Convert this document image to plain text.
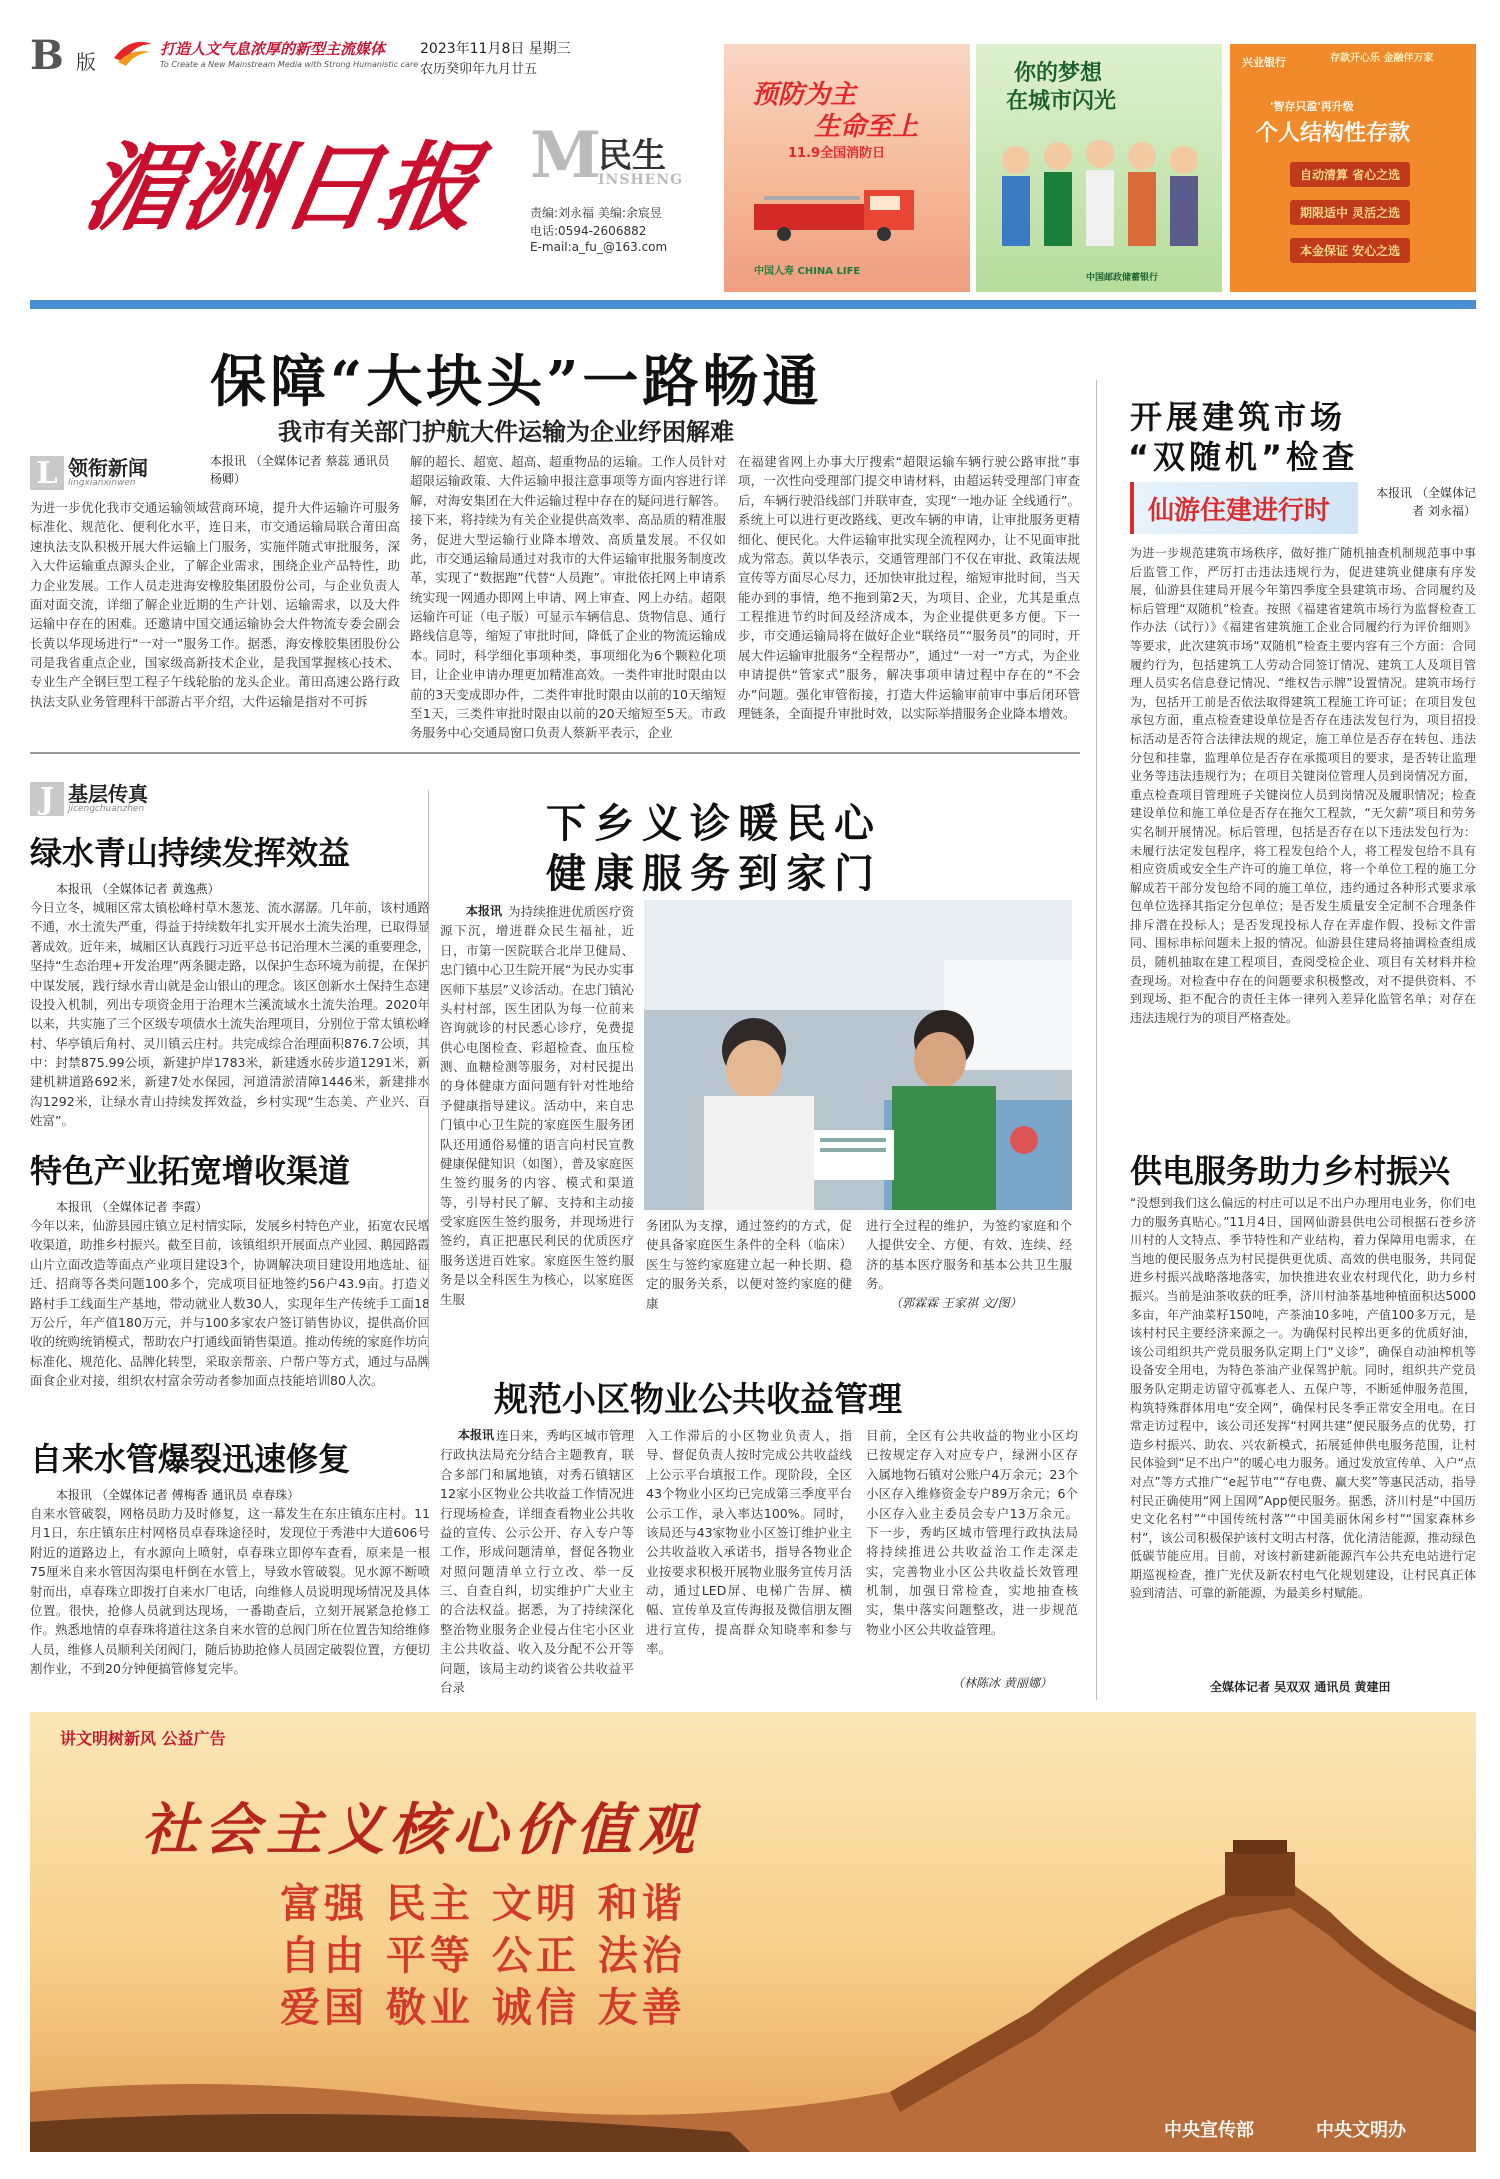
B 版
打造人文气息浓厚的新型主流媒体
To Create a New Mainstream Media with Strong Humanistic care
2023年11月8日 星期三
农历癸卯年九月廿五
湄洲日报 M
民生
INSHENG
责编:刘永福 美编:余宸昱
电话:0594-2606882
E-mail:a_fu_@163.com
预防为主
生命至上
11.9全国消防日
中国人寿 CHINA LIFE
你的梦想
在城市闪光
中国邮政储蓄银行
兴业银行	存款开心乐 金融伴万家
'智存只盈'再升级
个人结构性存款
自动清算 省心之选
期限适中 灵活之选
本金保证 安心之选
保障“大块头”一路畅通
我市有关部门护航大件运输为企业纾困解难
L 领衔新闻
lingxianxinwen
本报讯 （全媒体记者 蔡蕊 通讯员 杨卿）
为进一步优化我市交通运输领域营商环境，提升大件运输许可服务标准化、规范化、便利化水平，连日来，市交通运输局联合莆田高速执法支队积极开展大件运输上门服务，实施伴随式审批服务，深入大件运输重点源头企业，了解企业需求，围绕企业产品特性，助力企业发展。工作人员走进海安橡胶集团股份公司，与企业负责人面对面交流，详细了解企业近期的生产计划、运输需求，以及大件运输中存在的困难。还邀请中国交通运输协会大件物流专委会副会长黄以华现场进行“一对一”服务工作。据悉，海安橡胶集团股份公司是我省重点企业，国家级高新技术企业，是我国掌握核心技术、专业生产全钢巨型工程子午线轮胎的龙头企业。莆田高速公路行政执法支队业务管理科干部游占平介绍，大件运输是指对不可拆
解的超长、超宽、超高、超重物品的运输。工作人员针对超限运输政策、大件运输申报注意事项等方面内容进行详解，对海安集团在大件运输过程中存在的疑问进行解答。接下来，将持续为有关企业提供高效率、高品质的精准服务，促进大型运输行业降本增效、高质量发展。不仅如此，市交通运输局通过对我市的大件运输审批服务制度改革，实现了“数据跑”代替“人员跑”。审批依托网上申请系统实现一网通办即网上申请、网上审查、网上办结。超限运输许可证（电子版）可显示车辆信息、货物信息、通行路线信息等，缩短了审批时间，降低了企业的物流运输成本。同时，科学细化事项种类，事项细化为6个颗粒化项目，让企业申请办理更加精准高效。一类件审批时限由以前的3天变成即办件，二类件审批时限由以前的10天缩短至1天，三类件审批时限由以前的20天缩短至5天。市政务服务中心交通局窗口负责人蔡新平表示，企业
在福建省网上办事大厅搜索“超限运输车辆行驶公路审批”事项，一次性向受理部门提交申请材料，由超运转受理部门审查后，车辆行驶沿线部门并联审查，实现“一地办证 全线通行”。系统上可以进行更改路线、更改车辆的申请，让审批服务更精细化、便民化。大件运输审批实现全流程网办，让不见面审批成为常态。黄以华表示，交通管理部门不仅在审批、政策法规宣传等方面尽心尽力，还加快审批过程，缩短审批时间，当天能办到的事情，绝不拖到第2天，为项目、企业，尤其是重点工程推进节约时间及经济成本，为企业提供更多方便。下一步，市交通运输局将在做好企业“联络员”“服务员”的同时，开展大件运输审批服务“全程帮办”，通过“一对一”方式，为企业申请提供“管家式”服务，解决事项申请过程中存在的“不会办”问题。强化审管衔接，打造大件运输审前审中事后闭环管理链条，全面提升审批时效，以实际举措服务企业降本增效。
J 基层传真
jicengchuanzhen
绿水青山持续发挥效益
本报讯 （全媒体记者 黄逸燕）
今日立冬，城厢区常太镇松峰村草木葱茏、流水潺潺。几年前，该村通路不通，水土流失严重，得益于持续数年扎实开展水土流失治理，已取得显著成效。近年来，城厢区认真践行习近平总书记治理木兰溪的重要理念，坚持“生态治理+开发治理”两条腿走路，以保护生态环境为前提，在保护中谋发展，践行绿水青山就是金山银山的理念。该区创新水土保持生态建设投入机制，列出专项资金用于治理木兰溪流域水土流失治理。2020年以来，共实施了三个区级专项债水土流失治理项目，分别位于常太镇松峰村、华亭镇后角村、灵川镇云庄村。共完成综合治理面积876.7公顷，其中：封禁875.99公顷，新建护岸1783米，新建透水砖步道1291米，新建机耕道路692米，新建7处水保园，河道清淤清障1446米，新建排水沟1292米，让绿水青山持续发挥效益，乡村实现“生态美、产业兴、百姓富”。
特色产业拓宽增收渠道
本报讯 （全媒体记者 李霞）
今年以来，仙游县园庄镇立足村情实际，发展乡村特色产业，拓宽农民增收渠道，助推乡村振兴。截至目前，该镇组织开展面点产业园、鹅园路霞山片立面改造等面点产业项目建设3个，协调解决项目建设用地选址、征迁、招商等各类问题100多个，完成项目征地签约56户43.9亩。打造义路村手工线面生产基地，带动就业人数30人，实现年生产传统手工面18万公斤，年产值180万元，并与100多家农户签订销售协议，提供高价回收的统购统销模式，帮助农户打通线面销售渠道。推动传统的家庭作坊向标准化、规范化、品牌化转型，采取亲帮亲、户帮户等方式，通过与品牌面食企业对接，组织农村富余劳动者参加面点技能培训80人次。
自来水管爆裂迅速修复
本报讯 （全媒体记者 傅梅香 通讯员 卓春珠）
自来水管破裂，网格员助力及时修复，这一幕发生在东庄镇东庄村。11月1日，东庄镇东庄村网格员卓春珠途径时，发现位于秀港中大道606号附近的道路边上，有水源向上喷射，卓春珠立即停车查看，原来是一根75厘米自来水管因沟渠电杆倒在水管上，导致水管破裂。见水源不断喷射而出，卓春珠立即拨打自来水厂电话，向维修人员说明现场情况及具体位置。很快，抢修人员就到达现场，一番勘查后，立刻开展紧急抢修工作。熟悉地情的卓春珠将道往这条自来水管的总阀门所在位置告知给维修人员，维修人员顺利关闭阀门，随后协助抢修人员固定破裂位置，方便切割作业，不到20分钟便搞管修复完毕。
下乡义诊暖民心
健康服务到家门
本报讯 为持续推进优质医疗资源下沉，增进群众民生福祉，近日，市第一医院联合北岸卫健局、忠门镇中心卫生院开展“为民办实事 医师下基层”义诊活动。在忠门镇沁头村村部，医生团队为每一位前来咨询就诊的村民悉心诊疗，免费提供心电图检查、彩超检查、血压检测、血糖检测等服务，对村民提出的身体健康方面问题有针对性地给予健康指导建议。活动中，来自忠门镇中心卫生院的家庭医生服务团队还用通俗易懂的语言向村民宣教健康保健知识（如图），普及家庭医生签约服务的内容、模式和渠道等，引导村民了解、支持和主动接受家庭医生签约服务，并现场进行签约，真正把惠民利民的优质医疗服务送进百姓家。家庭医生签约服务是以全科医生为核心，以家庭医生服
务团队为支撑，通过签约的方式，促使具备家庭医生条件的全科（临床）医生与签约家庭建立起一种长期、稳定的服务关系，以便对签约家庭的健康
进行全过程的维护，为签约家庭和个人提供安全、方便、有效、连续、经济的基本医疗服务和基本公共卫生服务。
（郭霖霖 王家祺 文/图）
规范小区物业公共收益管理
本报讯 连日来，秀屿区城市管理行政执法局充分结合主题教育，联合多部门和属地镇，对秀石镇辖区12家小区物业公共收益工作情况进行现场检查，详细查看物业公共收益的宣传、公示公开、存入专户等工作，形成问题清单，督促各物业对照问题清单立行立改、举一反三、自查自纠，切实维护广大业主的合法权益。据悉，为了持续深化整治物业服务企业侵占住宅小区业主公共收益、收入及分配不公开等问题，该局主动约谈省公共收益平台录
入工作滞后的小区物业负责人，指导、督促负责人按时完成公共收益线上公示平台填报工作。现阶段，全区43个物业小区均已完成第三季度平台公示工作，录入率达100%。同时，该局还与43家物业小区签订维护业主公共收益收入承诺书，指导各物业企业按要求积极开展物业服务宣传月活动，通过LED屏、电梯广告屏、横幅、宣传单及宣传海报及微信朋友圈进行宣传，提高群众知晓率和参与率。
目前，全区有公共收益的物业小区均已按规定存入对应专户，绿洲小区存入属地物石镇对公账户4万余元；23个小区存入维修资金专户89万余元；6个小区存入业主委员会专户13万余元。下一步，秀屿区城市管理行政执法局将持续推进公共收益治工作走深走实，完善物业小区公共收益长效管理机制，加强日常检查，实地抽查核实，集中落实问题整改，进一步规范物业小区公共收益管理。
（林陈冰 黄丽娜）
开展建筑市场
“双随机”检查
仙游住建进行时
本报讯 （全媒体记者 刘永福）
为进一步规范建筑市场秩序，做好推广随机抽查机制规范事中事后监管工作，严厉打击违法违规行为，促进建筑业健康有序发展，仙游县住建局开展今年第四季度全县建筑市场、合同履约及标后管理“双随机”检查。按照《福建省建筑市场行为监督检查工作办法（试行）》《福建省建筑施工企业合同履约行为评价细则》等要求，此次建筑市场“双随机”检查主要内容有三个方面：合同履约行为，包括建筑工人劳动合同签订情况、建筑工人及项目管理人员实名信息登记情况、“维权告示牌”设置情况。建筑市场行为，包括开工前是否依法取得建筑工程施工许可证；在项目发包承包方面，重点检查建设单位是否存在违法发包行为，项目招投标活动是否符合法律法规的规定，施工单位是否存在转包、违法分包和挂靠，监理单位是否存在承揽项目的要求，是否转让监理业务等违法违规行为；在项目关键岗位管理人员到岗情况方面，重点检查项目管理班子关键岗位人员到岗情况及履职情况；检查建设单位和施工单位是否存在拖欠工程款，“无欠薪”项目和劳务实名制开展情况。标后管理，包括是否存在以下违法发包行为：未履行法定发包程序，将工程发包给个人，将工程发包给不具有相应资质或安全生产许可的施工单位，将一个单位工程的施工分解成若干部分发包给不同的施工单位，违约通过各种形式要求承包单位选择其指定分包单位；是否发生质量安全定制不合理条件排斥潜在投标人；是否发现投标人存在弄虚作假、投标文件雷同、围标串标问题未上报的情况。仙游县住建局将抽调检查组成员，随机抽取在建工程项目，查阅受检企业、项目有关材料并检查现场。对检查中存在的问题要求积极整改，对不提供资料、不到现场、拒不配合的责任主体一律列入差异化监管名单；对存在违法违规行为的项目严格查处。
供电服务助力乡村振兴
“没想到我们这么偏远的村庄可以足不出户办理用电业务，你们电力的服务真贴心。”11月4日，国网仙游县供电公司根据石苍乡济川村的人文特点、季节特性和产业结构，着力保障用电需求，在当地的便民服务点为村民提供更优质、高效的供电服务，共同促进乡村振兴战略落地落实，加快推进农业农村现代化，助力乡村振兴。当前是油茶收获的旺季，济川村油茶基地种植面积达5000多亩，年产油菜籽150吨，产茶油10多吨，产值100多万元，是该村村民主要经济来源之一。为确保村民榨出更多的优质好油，该公司组织共产党员服务队定期上门“义诊”，确保自动油榨机等设备安全用电，为特色茶油产业保驾护航。同时，组织共产党员服务队定期走访留守孤寡老人、五保户等，不断延伸服务范围，构筑特殊群体用电“安全网”，确保村民冬季正常安全用电。在日常走访过程中，该公司还发挥“村网共建”便民服务点的优势，打造乡村振兴、助农、兴农新模式，拓展延伸供电服务范围，让村民体验到“足不出户”的暖心电力服务。通过发放宣传单、入户“点对点”等方式推广“e起节电”“存电费、赢大奖”等惠民活动，指导村民正确使用“网上国网”App便民服务。据悉，济川村是“中国历史文化名村”“中国传统村落”“中国美丽休闲乡村”“国家森林乡村”，该公司积极保护该村文明古村落，优化清洁能源，推动绿色低碳节能应用。目前，对该村新建新能源汽车公共充电站进行定期巡视检查，推广光伏及新农村电气化规划建设，让村民真正体验到清洁、可靠的新能源，为最美乡村赋能。
全媒体记者 吴双双 通讯员 黄建田
讲文明树新风 公益广告
社会主义核心价值观
富强 民主 文明 和谐
自由 平等 公正 法治
爱国 敬业 诚信 友善
中央宣传部	中央文明办
